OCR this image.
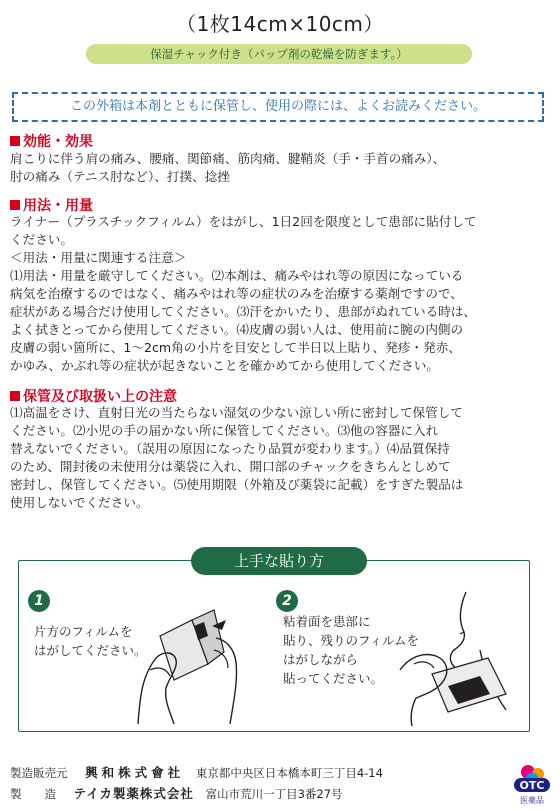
（1枚14cm×10cm）
保湿チャック付き（パップ剤の乾燥を防ぎます。）
この外箱は本剤とともに保管し、使用の際には、よくお読みください。
効能・効果

肩こりに伴う肩の痛み、腰痛、関節痛、筋肉痛、腱鞘炎（手・手首の痛み）、

肘の痛み（テニス肘など）、打撲、捻挫

用法・用量

ライナー（プラスチックフィルム）をはがし、1日2回を限度として患部に貼付して

ください。

＜用法・用量に関連する注意＞

⑴用法・用量を厳守してください。⑵本剤は、痛みやはれ等の原因になっている

病気を治療するのではなく、痛みやはれ等の症状のみを治療する薬剤ですので、

症状がある場合だけ使用してください。⑶汗をかいたり、患部がぬれている時は、

よく拭きとってから使用してください。⑷皮膚の弱い人は、使用前に腕の内側の

皮膚の弱い箇所に、1～2cm角の小片を目安として半日以上貼り、発疹・発赤、

かゆみ、かぶれ等の症状が起きないことを確かめてから使用してください。

保管及び取扱い上の注意

⑴高温をさけ、直射日光の当たらない湿気の少ない涼しい所に密封して保管して

ください。⑵小児の手の届かない所に保管してください。⑶他の容器に入れ

替えないでください。（誤用の原因になったり品質が変わります。）⑷品質保持

のため、開封後の未使用分は薬袋に入れ、開口部のチャックをきちんとしめて

密封し、保管してください。⑸使用期限（外箱及び薬袋に記載）をすぎた製品は

使用しないでください。

上手な貼り方
1

片方のフィルムを

はがしてください。

2

粘着面を患部に

貼り、残りのフィルムを

はがしながら

貼ってください。

製造販売元 興和株式會社 東京都中央区日本橋本町三丁目4-14
製　　造 テイカ製薬株式会社 富山市荒川一丁目3番27号
OTC
医薬品
